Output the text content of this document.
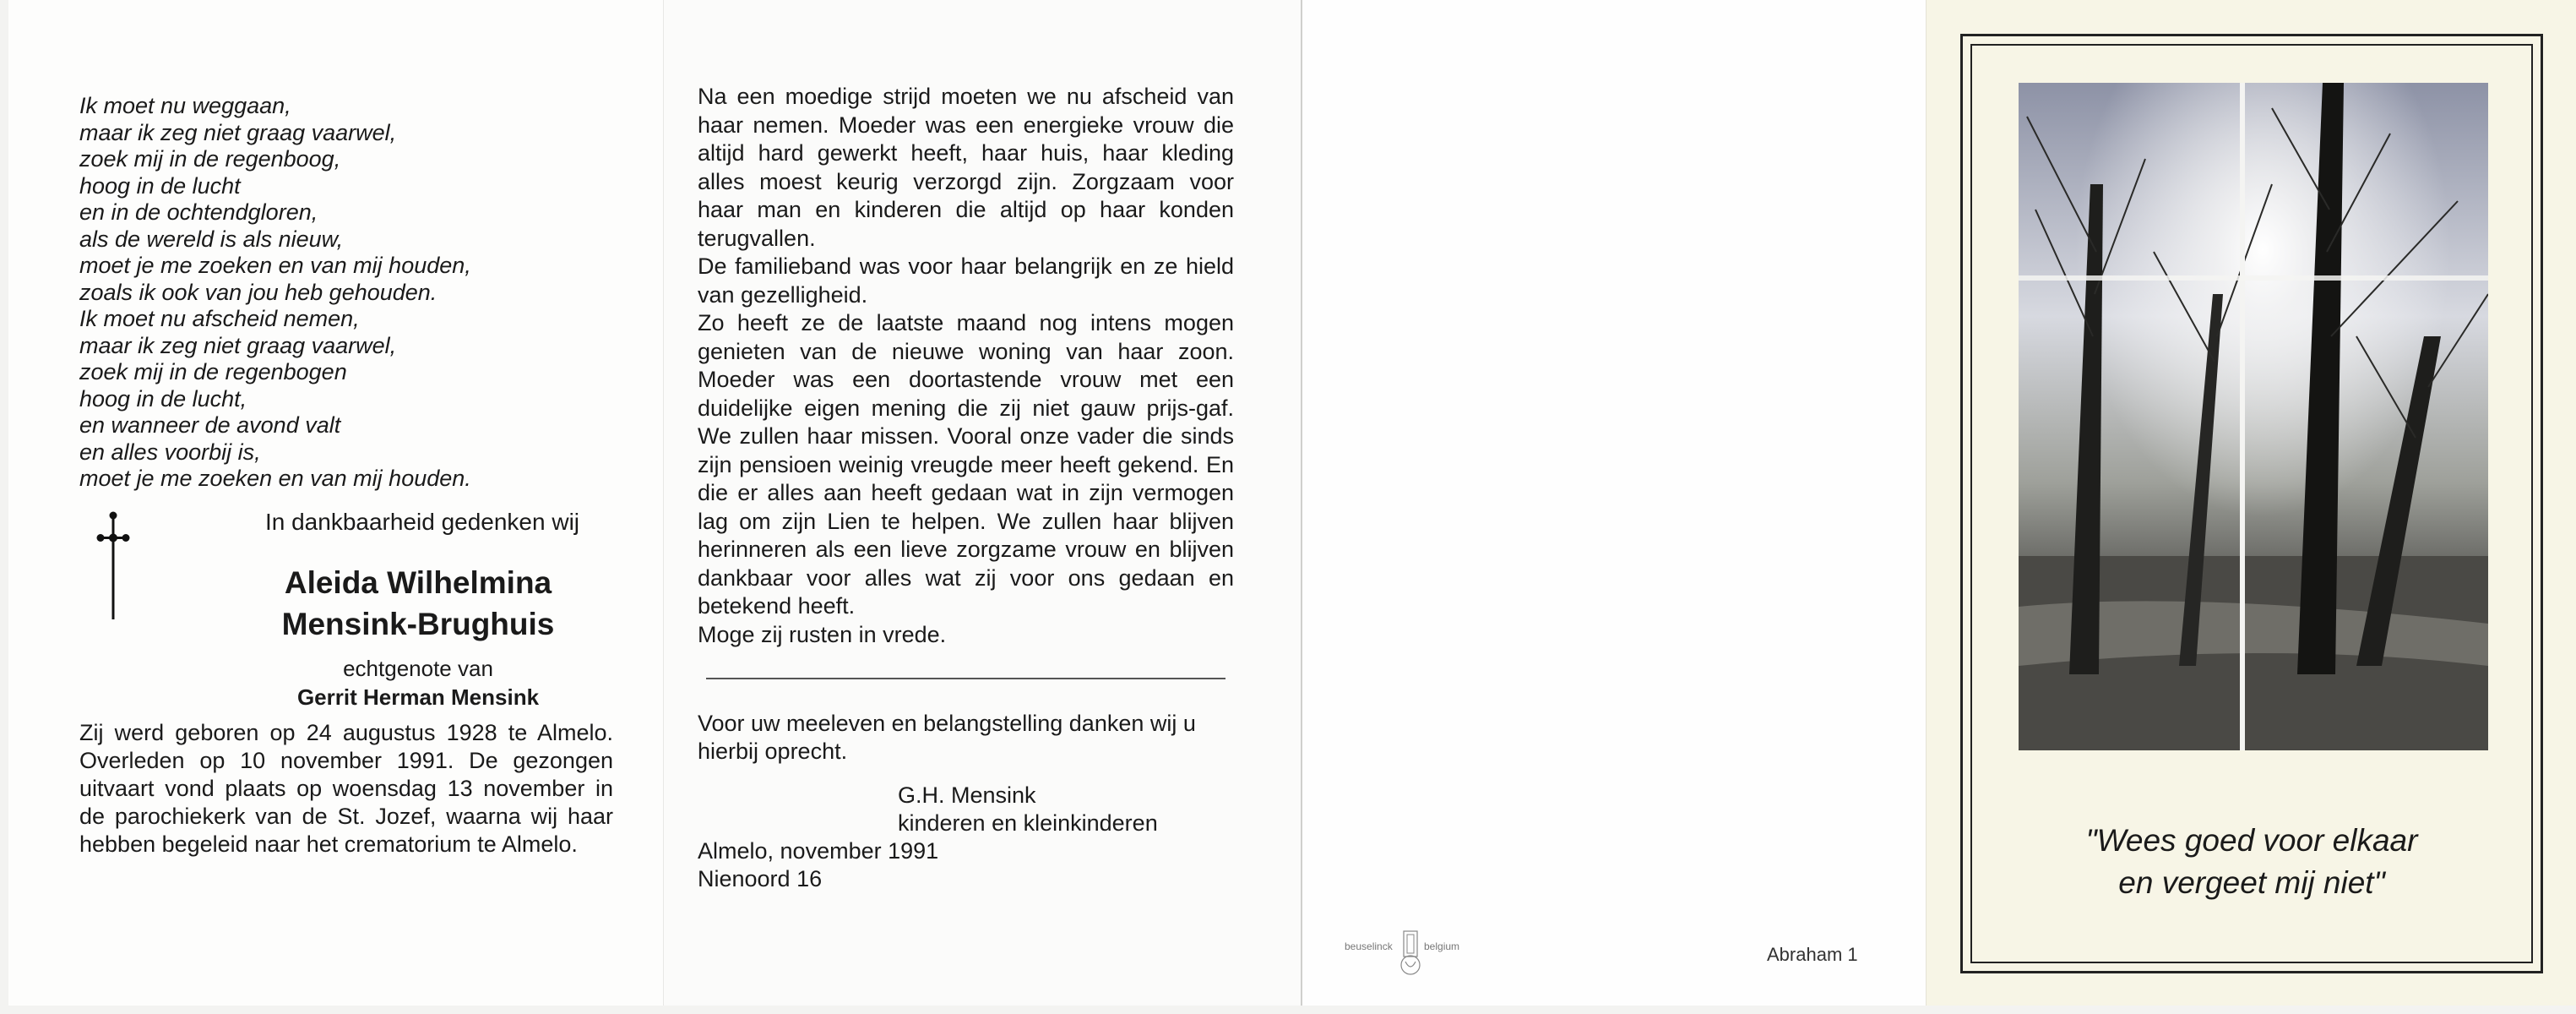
Ik moet nu weggaan,
maar ik zeg niet graag vaarwel,
zoek mij in de regenboog,
hoog in de lucht
en in de ochtendgloren,
als de wereld is als nieuw,
moet je me zoeken en van mij houden,
zoals ik ook van jou heb gehouden.
Ik moet nu afscheid nemen,
maar ik zeg niet graag vaarwel,
zoek mij in de regenbogen
hoog in de lucht,
en wanneer de avond valt
en alles voorbij is,
moet je me zoeken en van mij houden.
In dankbaarheid gedenken wij
Aleida Wilhelmina
Mensink-Brughuis
echtgenote van
Gerrit Herman Mensink
Zij werd geboren op 24 augustus 1928 te Almelo. Overleden op 10 november 1991. De gezongen uitvaart vond plaats op woensdag 13 november in de parochiekerk van de St. Jozef, waarna wij haar hebben begeleid naar het crematorium te Almelo.
Na een moedige strijd moeten we nu afscheid van haar nemen. Moeder was een energieke vrouw die altijd hard gewerkt heeft, haar huis, haar kleding alles moest keurig verzorgd zijn. Zorgzaam voor haar man en kinderen die altijd op haar konden terugvallen.
De familieband was voor haar belangrijk en ze hield van gezelligheid.
Zo heeft ze de laatste maand nog intens mogen genieten van de nieuwe woning van haar zoon. Moeder was een doortastende vrouw met een duidelijke eigen mening die zij niet gauw prijs-gaf. We zullen haar missen. Vooral onze vader die sinds zijn pensioen weinig vreugde meer heeft gekend. En die er alles aan heeft gedaan wat in zijn vermogen lag om zijn Lien te helpen. We zullen haar blijven herinneren als een lieve zorgzame vrouw en blijven dankbaar voor alles wat zij voor ons gedaan en betekend heeft.
Moge zij rusten in vrede.
Voor uw meeleven en belangstelling danken wij u hierbij oprecht.
G.H. Mensink
kinderen en kleinkinderen
Almelo, november 1991
Nienoord 16
beuselinck	belgium	Abraham 1
"Wees goed voor elkaar
en vergeet mij niet"
